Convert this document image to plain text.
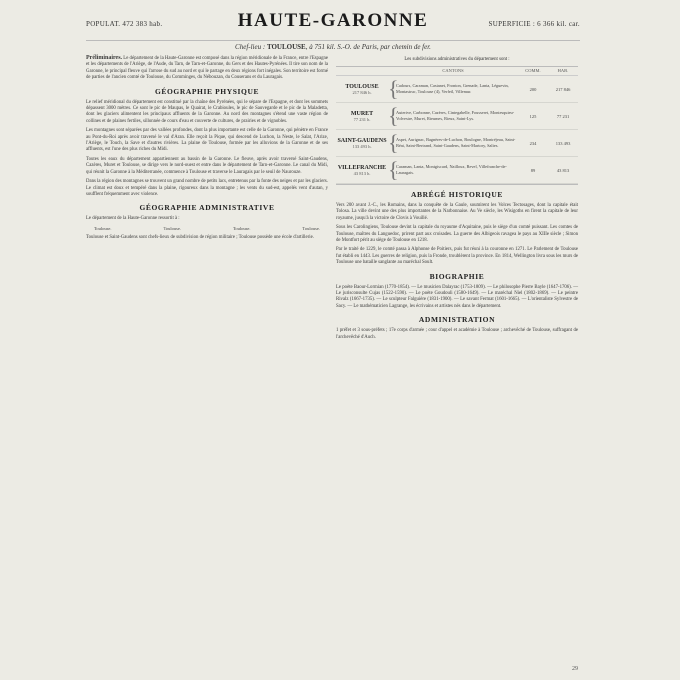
POPULAT. 472 383 hab.	HAUTE-GARONNE	SUPERFICIE : 6 366 kil. car.
Chef-lieu : TOULOUSE, à 751 kil. S.-O. de Paris, par chemin de fer.

Préliminaires. Le département de la Haute-Garonne est composé dans la région méridionale de la France, entre l'Espagne et les départements de l'Ariège, de l'Aude, du Tarn, de Tarn-et-Garonne, du Gers et des Hautes-Pyrénées. Il tire son nom de la Garonne, le principal fleuve qui l'arrose du sud au nord et qui le partage en deux régions fort inégales. Son territoire est formé de parties de l'ancien comté de Toulouse, du Comminges, du Nébouzan, du Couserans et du Lauragais.

GÉOGRAPHIE PHYSIQUE

Le relief méridional du département est constitué par la chaîne des Pyrénées, qui le sépare de l'Espagne, et dont les sommets dépassent 3000 mètres. Ce sont le pic de Maupas, le Quairat, le Crabioules, le pic de Sauvegarde et le pic de la Maladetta, dont les glaciers alimentent les principaux affluents de la Garonne. Au nord des montagnes s'étend une vaste région de collines et de plaines fertiles, sillonnée de cours d'eau et couverte de cultures, de prairies et de vignobles.

Les montagnes sont séparées par des vallées profondes, dont la plus importante est celle de la Garonne, qui pénètre en France au Pont-du-Roi après avoir traversé le val d'Aran. Elle reçoit la Pique, qui descend de Luchon, la Neste, le Salat, l'Arize, l'Ariège, le Touch, la Save et d'autres rivières. La plaine de Toulouse, formée par les alluvions de la Garonne et de ses affluents, est l'une des plus riches du Midi.

Toutes les eaux du département appartiennent au bassin de la Garonne. Le fleuve, après avoir traversé Saint-Gaudens, Cazères, Muret et Toulouse, se dirige vers le nord-ouest et entre dans le département de Tarn-et-Garonne. Le canal du Midi, qui réunit la Garonne à la Méditerranée, commence à Toulouse et traverse le Lauragais par le seuil de Naurouze.

Dans la région des montagnes se trouvent un grand nombre de petits lacs, entretenus par la fonte des neiges et par les glaciers. Le climat est doux et tempéré dans la plaine, rigoureux dans la montagne ; les vents du sud-est, appelés vent d'autan, y soufflent fréquemment avec violence.

GÉOGRAPHIE ADMINISTRATIVE

Le département de la Haute-Garonne ressortit à :

Toulouse.	Toulouse.	Toulouse.	Toulouse.

Toulouse et Saint-Gaudens sont chefs-lieux de subdivision de région militaire ; Toulouse possède une école d'artillerie.

Les subdivisions administratives du département sont :
CANTONS	COMM.	HAB.
TOULOUSE
217 846 h. {
Cadours, Caraman, Castanet, Fronton, Grenade, Lanta, Léguevin, Montastruc, Toulouse (4), Verfeil, Villemur.	200	217 846
MURET
77 231 h. {
Auterive, Carbonne, Cazères, Cintegabelle, Fousseret, Montesquieu-Volvestre, Muret, Rieumes, Rieux, Saint-Lys.	125	77 231
SAINT-GAUDENS
133 493 h. {
Aspet, Aurignac, Bagnères-de-Luchon, Boulogne, Montréjeau, Saint-Béat, Saint-Bertrand, Saint-Gaudens, Saint-Martory, Salies.	234	133 493
VILLEFRANCHE
43 813 h. {
Caraman, Lanta, Montgiscard, Nailloux, Revel, Villefranche-de-Lauragais.	89	43 813
ABRÉGÉ HISTORIQUE

Vers 200 avant J.-C., les Romains, dans la conquête de la Gaule, soumirent les Volces Tectosages, dont la capitale était Tolosa. La ville devint une des plus importantes de la Narbonnaise. Au Ve siècle, les Wisigoths en firent la capitale de leur royaume, jusqu'à la victoire de Clovis à Vouillé.

Sous les Carolingiens, Toulouse devint la capitale du royaume d'Aquitaine, puis le siège d'un comté puissant. Les comtes de Toulouse, maîtres du Languedoc, prirent part aux croisades. La guerre des Albigeois ravagea le pays au XIIIe siècle ; Simon de Montfort périt au siège de Toulouse en 1218.

Par le traité de 1229, le comté passa à Alphonse de Poitiers, puis fut réuni à la couronne en 1271. Le Parlement de Toulouse fut établi en 1443. Les guerres de religion, puis la Fronde, troublèrent la province. En 1814, Wellington livra sous les murs de Toulouse une bataille sanglante au maréchal Soult.

BIOGRAPHIE

Le poète Baour-Lormian (1770-1854). — Le musicien Dalayrac (1753-1809). — Le philosophe Pierre Bayle (1647-1706). — Le jurisconsulte Cujas (1522-1590). — Le poète Goudouli (1580-1649). — Le maréchal Niel (1802-1869). — Le peintre Rivalz (1667-1735). — Le sculpteur Falguière (1831-1900). — Le savant Fermat (1601-1665). — L'orientaliste Sylvestre de Sacy. — Le mathématicien Lagrange, les écrivains et artistes nés dans le département.

ADMINISTRATION

1 préfet et 3 sous-préfets ; 17e corps d'armée ; cour d'appel et académie à Toulouse ; archevêché de Toulouse, suffragant de l'archevêché d'Auch.

29
